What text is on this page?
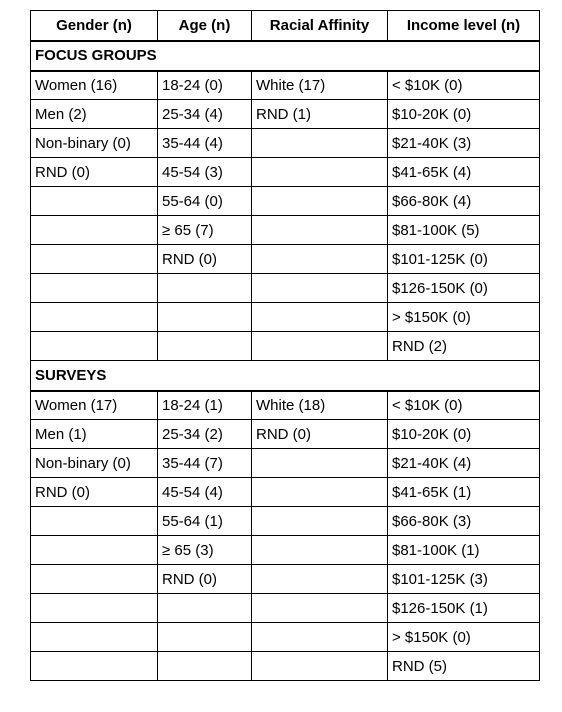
Gender (n)	Age (n)	Racial Affinity	Income level (n)
FOCUS GROUPS			
Women (16)	18-24 (0)	White (17)	< $10K (0)
Men (2)	25-34 (4)	RND (1)	$10-20K (0)
Non-binary (0)	35-44 (4)		$21-40K (3)
RND (0)	45-54 (3)		$41-65K (4)
	55-64 (0)		$66-80K (4)
	≥ 65 (7)		$81-100K (5)
	RND (0)		$101-125K (0)
			$126-150K (0)
			> $150K (0)
			RND (2)
SURVEYS			
Women (17)	18-24 (1)	White (18)	< $10K (0)
Men (1)	25-34 (2)	RND (0)	$10-20K (0)
Non-binary (0)	35-44 (7)		$21-40K (4)
RND (0)	45-54 (4)		$41-65K (1)
	55-64 (1)		$66-80K (3)
	≥ 65 (3)		$81-100K (1)
	RND (0)		$101-125K (3)
			$126-150K (1)
			> $150K (0)
			RND (5)
